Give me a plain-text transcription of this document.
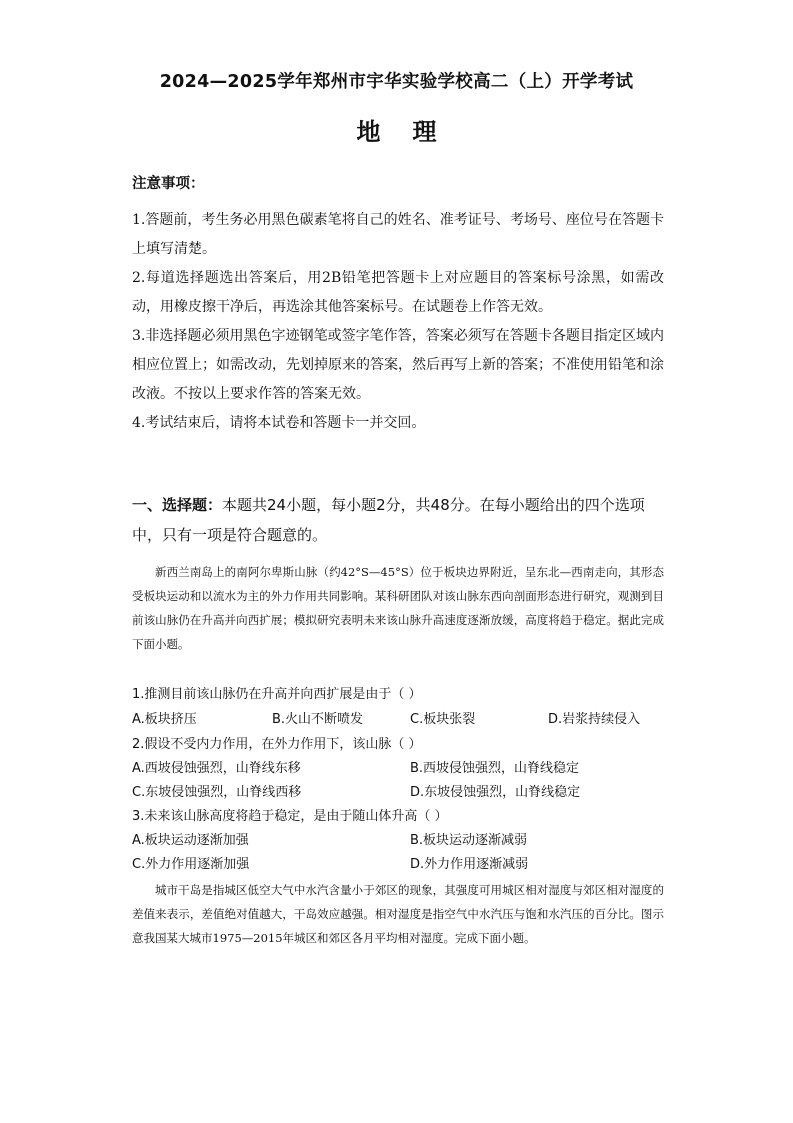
2024—2025学年郑州市宇华实验学校高二（上）开学考试
地理
注意事项：

1.答题前，考生务必用黑色碳素笔将自己的姓名、准考证号、考场号、座位号在答题卡上填写清楚。

2.每道选择题选出答案后，用2B铅笔把答题卡上对应题目的答案标号涂黑，如需改动，用橡皮擦干净后，再选涂其他答案标号。在试题卷上作答无效。

3.非选择题必须用黑色字迹钢笔或签字笔作答，答案必须写在答题卡各题目指定区域内相应位置上；如需改动，先划掉原来的答案，然后再写上新的答案；不准使用铅笔和涂改液。不按以上要求作答的答案无效。

4.考试结束后，请将本试卷和答题卡一并交回。

一、选择题：本题共24小题，每小题2分，共48分。在每小题给出的四个选项中，只有一项是符合题意的。

新西兰南岛上的南阿尔卑斯山脉（约42°S—45°S）位于板块边界附近，呈东北—西南走向，其形态受板块运动和以流水为主的外力作用共同影响。某科研团队对该山脉东西向剖面形态进行研究，观测到目前该山脉仍在升高并向西扩展；模拟研究表明未来该山脉升高速度逐渐放缓，高度将趋于稳定。据此完成下面小题。

1.推测目前该山脉仍在升高并向西扩展是由于（ ）
A.板块挤压	B.火山不断喷发	C.板块张裂	D.岩浆持续侵入
2.假设不受内力作用，在外力作用下，该山脉（ ）
A.西坡侵蚀强烈，山脊线东移	B.西坡侵蚀强烈，山脊线稳定
C.东坡侵蚀强烈，山脊线西移	D.东坡侵蚀强烈，山脊线稳定
3.未来该山脉高度将趋于稳定，是由于随山体升高（ ）
A.板块运动逐渐加强	B.板块运动逐渐减弱
C.外力作用逐渐加强	D.外力作用逐渐减弱

城市干岛是指城区低空大气中水汽含量小于郊区的现象，其强度可用城区相对湿度与郊区相对湿度的差值来表示，差值绝对值越大，干岛效应越强。相对湿度是指空气中水汽压与饱和水汽压的百分比。图示意我国某大城市1975—2015年城区和郊区各月平均相对湿度。完成下面小题。
